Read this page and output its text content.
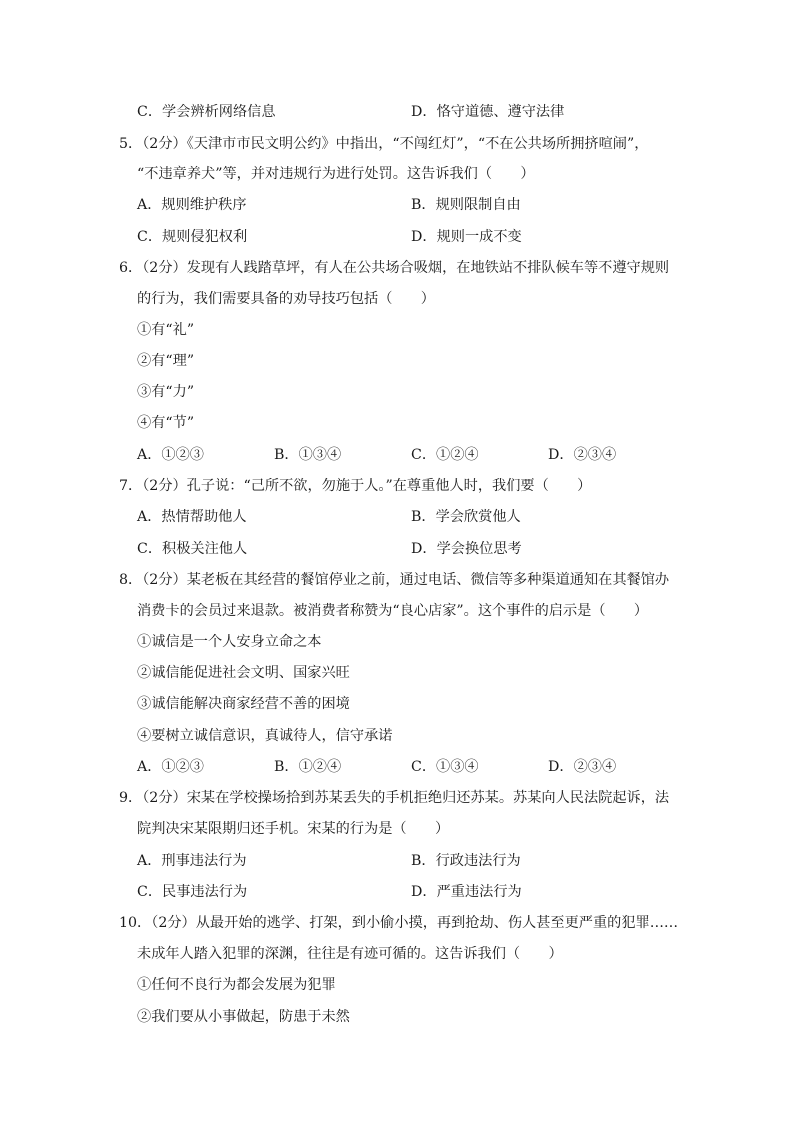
C．学会辨析网络信息	D．恪守道德、遵守法律
5．（2分）《天津市市民文明公约》中指出，“不闯红灯”，“不在公共场所拥挤喧闹”，
“不违章养犬”等，并对违规行为进行处罚。这告诉我们（　　）
A．规则维护秩序	B．规则限制自由
C．规则侵犯权利	D．规则一成不变
6．（2分）发现有人践踏草坪，有人在公共场合吸烟，在地铁站不排队候车等不遵守规则
的行为，我们需要具备的劝导技巧包括（　　）
①有“礼”
②有“理”
③有“力”
④有“节”
A．①②③	B．①③④	C．①②④	D．②③④
7．（2分）孔子说：“己所不欲，勿施于人。”在尊重他人时，我们要（　　）
A．热情帮助他人	B．学会欣赏他人
C．积极关注他人	D．学会换位思考
8．（2分）某老板在其经营的餐馆停业之前，通过电话、微信等多种渠道通知在其餐馆办
消费卡的会员过来退款。被消费者称赞为“良心店家”。这个事件的启示是（　　）
①诚信是一个人安身立命之本
②诚信能促进社会文明、国家兴旺
③诚信能解决商家经营不善的困境
④要树立诚信意识，真诚待人，信守承诺
A．①②③	B．①②④	C．①③④	D．②③④
9．（2分）宋某在学校操场拾到苏某丢失的手机拒绝归还苏某。苏某向人民法院起诉，法
院判决宋某限期归还手机。宋某的行为是（　　）
A．刑事违法行为	B．行政违法行为
C．民事违法行为	D．严重违法行为
10．（2分）从最开始的逃学、打架，到小偷小摸，再到抢劫、伤人甚至更严重的犯罪……
未成年人踏入犯罪的深渊，往往是有迹可循的。这告诉我们（　　）
①任何不良行为都会发展为犯罪
②我们要从小事做起，防患于未然
